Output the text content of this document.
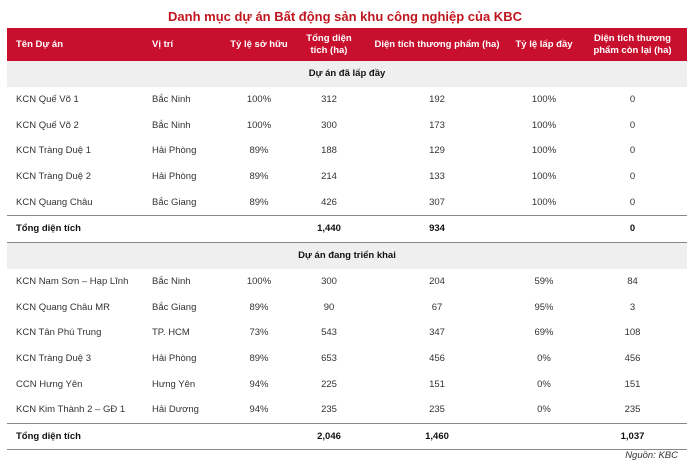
Danh mục dự án Bất động sản khu công nghiệp của KBC
Tên Dự án	Vị trí	Tỷ lệ sở hữu	Tổng diện tích (ha)	Diện tích thương phẩm (ha)	Tỷ lệ lấp đầy	Diện tích thương phẩm còn lại (ha)
Dự án đã lấp đầy						
KCN Quế Võ 1	Bắc Ninh	100%	312	192	100%	0
KCN Quế Võ 2	Bắc Ninh	100%	300	173	100%	0
KCN Tràng Duệ 1	Hải Phòng	89%	188	129	100%	0
KCN Tràng Duệ 2	Hải Phòng	89%	214	133	100%	0
KCN Quang Châu	Bắc Giang	89%	426	307	100%	0
Tổng diện tích			1,440	934		0
Dự án đang triển khai						
KCN Nam Sơn – Hạp Lĩnh	Bắc Ninh	100%	300	204	59%	84
KCN Quang Châu MR	Bắc Giang	89%	90	67	95%	3
KCN Tân Phú Trung	TP. HCM	73%	543	347	69%	108
KCN Tràng Duệ 3	Hải Phòng	89%	653	456	0%	456
CCN Hưng Yên	Hưng Yên	94%	225	151	0%	151
KCN Kim Thành 2 – GĐ 1	Hải Dương	94%	235	235	0%	235
Tổng diện tích			2,046	1,460		1,037
Nguồn: KBC
